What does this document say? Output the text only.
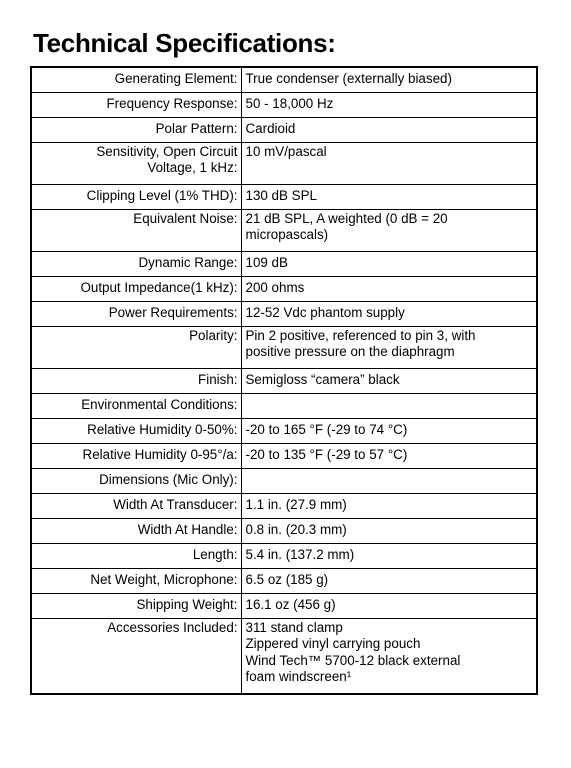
Technical Specifications:
Generating Element:	True condenser (externally biased)
Frequency Response:	50 - 18,000 Hz
Polar Pattern:	Cardioid
Sensitivity, Open Circuit
Voltage, 1 kHz:	10 mV/pascal
Clipping Level (1% THD):	130 dB SPL
Equivalent Noise:	21 dB SPL, A weighted (0 dB = 20
micropascals)
Dynamic Range:	109 dB
Output Impedance(1 kHz):	200 ohms
Power Requirements:	12-52 Vdc phantom supply
Polarity:	Pin 2 positive, referenced to pin 3, with
positive pressure on the diaphragm
Finish:	Semigloss “camera” black
Environmental Conditions:	
Relative Humidity 0-50%:	-20 to 165 °F (-29 to 74 °C)
Relative Humidity 0-95°/a:	-20 to 135 °F (-29 to 57 °C)
Dimensions (Mic Only):	
Width At Transducer:	1.1 in. (27.9 mm)
Width At Handle:	0.8 in. (20.3 mm)
Length:	5.4 in. (137.2 mm)
Net Weight, Microphone:	6.5 oz (185 g)
Shipping Weight:	16.1 oz (456 g)
Accessories Included:	311 stand clamp
Zippered vinyl carrying pouch
Wind Tech™ 5700-12 black external
foam windscreen¹
